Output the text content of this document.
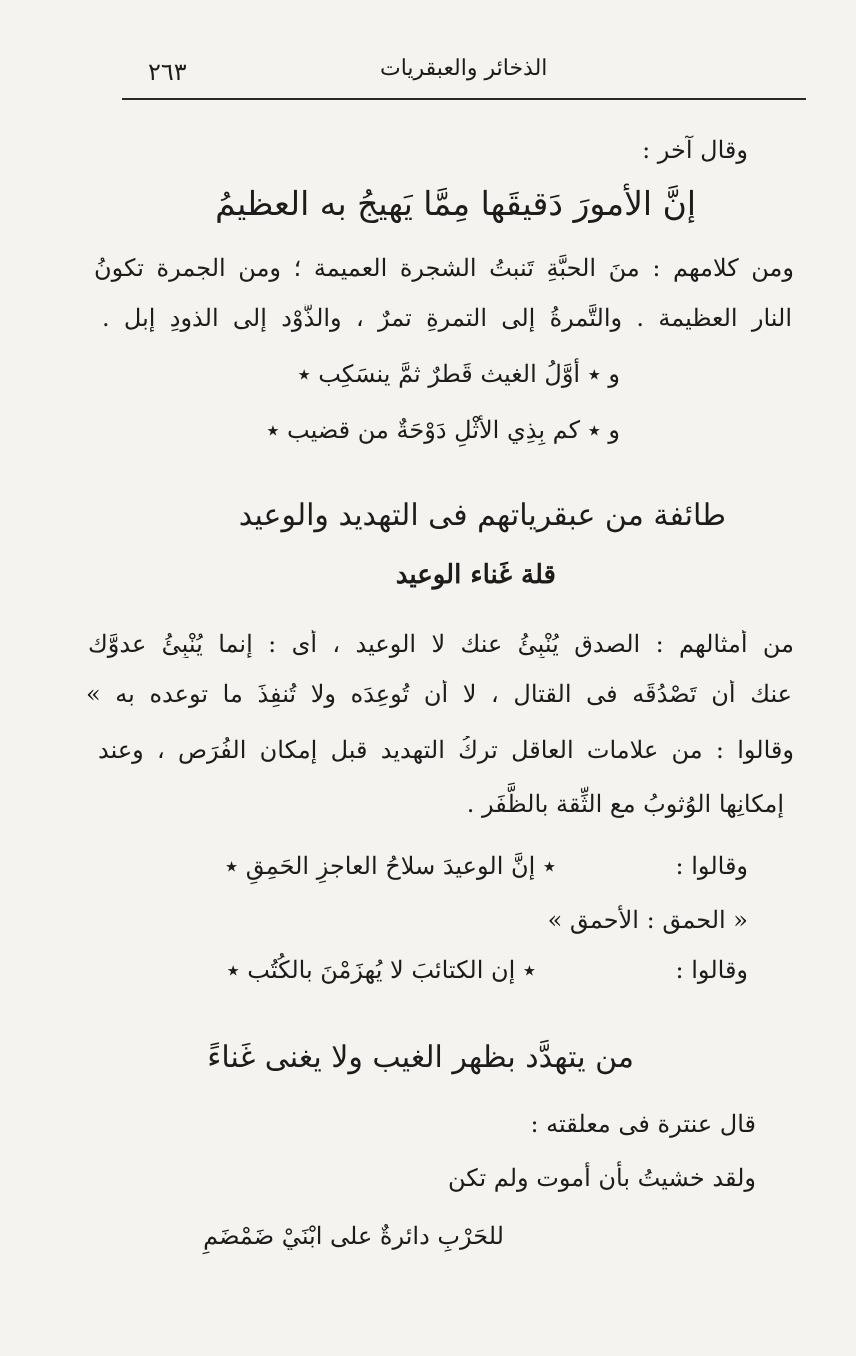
الذخائر والعبقريات
٢٦٣
وقال آخر :
إنَّ الأمورَ دَقيقَها مِمَّا يَهيجُ به العظيمُ
ومن كلامهم : منَ الحبَّةِ تَنبتُ الشجرة العميمة ؛ ومن الجمرة تكونُ
النار العظيمة . والتَّمرةُ إلى التمرةِ تمرٌ ، والذَّوْد إلى الذودِ إبل .
و ٭ أوَّلُ الغيث قَطرٌ ثمَّ ينسَكِب ٭
و ٭ كم بِذِي الأثْلِ دَوْحَةٌ من قضيب ٭
طائفة من عبقرياتهم فى التهديد والوعيد
قلة غَناء الوعيد
من أمثالهم : الصدق يُنْبِئُ عنك لا الوعيد ، أى : إنما يُنْبِئُ عدوَّك
عنك أن تَصْدُقَه فى القتال ، لا أن تُوعِدَه ولا تُنفِذَ ما توعده به »
وقالوا : من علامات العاقل تركُ التهديد قبل إمكان الفُرَص ، وعند
إمكانِها الوُثوبُ مع الثِّقة بالظَّفَر .
وقالوا :
٭ إنَّ الوعيدَ سلاحُ العاجزِ الحَمِقِ ٭
« الحمق : الأحمق »
وقالوا :
٭ إن الكتائبَ لا يُهزَمْنَ بالكُتُب ٭
من يتهدَّد بظهر الغيب ولا يغنى غَناءً
قال عنترة فى معلقته :
ولقد خشيتُ بأن أموت ولم تكن
للحَرْبِ دائرةٌ على ابْنَيْ ضَمْضَمِ
